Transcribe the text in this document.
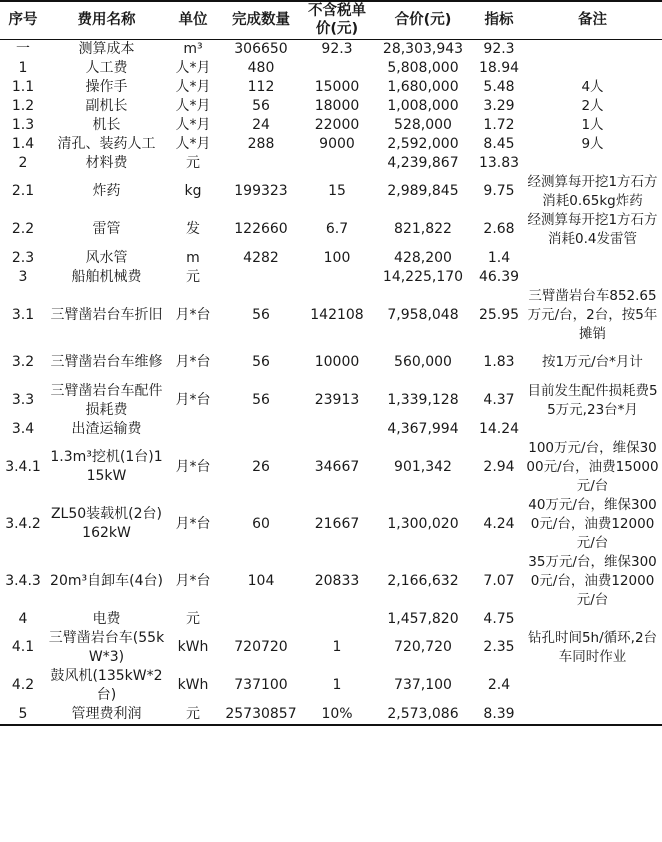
序号	费用名称	单位	完成数量	不含税单价(元)	合价(元)	指标	备注
一	测算成本	m³	306650	92.3	28,303,943	92.3	
1	人工费	人*月	480		5,808,000	18.94	
1.1	操作手	人*月	112	15000	1,680,000	5.48	4人
1.2	副机长	人*月	56	18000	1,008,000	3.29	2人
1.3	机长	人*月	24	22000	528,000	1.72	1人
1.4	清孔、装药人工	人*月	288	9000	2,592,000	8.45	9人
2	材料费	元			4,239,867	13.83	
2.1	炸药	kg	199323	15	2,989,845	9.75	经测算每开挖1方石方消耗0.65kg炸药
2.2	雷管	发	122660	6.7	821,822	2.68	经测算每开挖1方石方消耗0.4发雷管
2.3	风水管	m	4282	100	428,200	1.4	
3	船舶机械费	元			14,225,170	46.39	
3.1	三臂凿岩台车折旧	月*台	56	142108	7,958,048	25.95	三臂凿岩台车852.65万元/台，2台，按5年摊销
3.2	三臂凿岩台车维修	月*台	56	10000	560,000	1.83	按1万元/台*月计
3.3	三臂凿岩台车配件损耗费	月*台	56	23913	1,339,128	4.37	目前发生配件损耗费55万元,23台*月
3.4	出渣运输费				4,367,994	14.24	
3.4.1	1.3m³挖机(1台)115kW	月*台	26	34667	901,342	2.94	100万元/台，维保3000元/台，油费15000元/台
3.4.2	ZL50装载机(2台)162kW	月*台	60	21667	1,300,020	4.24	40万元/台，维保3000元/台，油费12000元/台
3.4.3	20m³自卸车(4台)	月*台	104	20833	2,166,632	7.07	35万元/台，维保3000元/台，油费12000元/台
4	电费	元			1,457,820	4.75	
4.1	三臂凿岩台车(55kW*3)	kWh	720720	1	720,720	2.35	钻孔时间5h/循环,2台车同时作业
4.2	鼓风机(135kW*2台)	kWh	737100	1	737,100	2.4	
5	管理费利润	元	25730857	10%	2,573,086	8.39	
